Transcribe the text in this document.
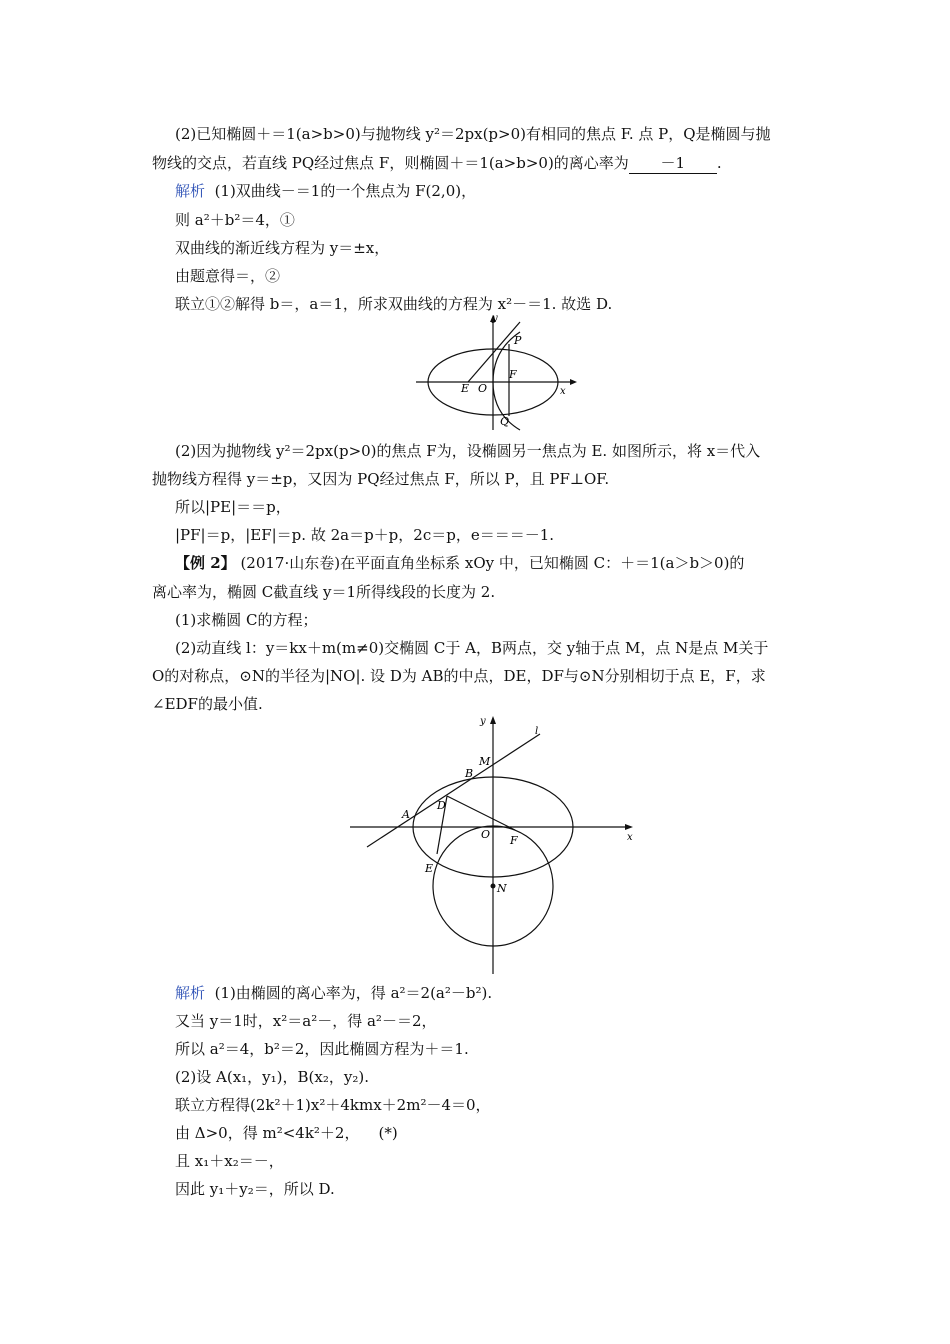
(2)已知椭圆＋＝1(a>b>0)与抛物线 y²＝2px(p>0)有相同的焦点 F. 点 P，Q是椭圆与抛
物线的交点，若直线 PQ经过焦点 F，则椭圆＋＝1(a>b>0)的离心率为 －1 .
解析 (1)双曲线－＝1的一个焦点为 F(2,0)，
则 a²＋b²＝4，①
双曲线的渐近线方程为 y＝±x，
由题意得＝，②
联立①②解得 b＝，a＝1，所求双曲线的方程为 x²－＝1. 故选 D.
y
x
P
E O
F
Q
(2)因为抛物线 y²＝2px(p>0)的焦点 F为，设椭圆另一焦点为 E. 如图所示，将 x＝代入
抛物线方程得 y＝±p，又因为 PQ经过焦点 F，所以 P，且 PF⊥OF.
所以|PE|＝＝p，
|PF|＝p，|EF|＝p. 故 2a＝p＋p，2c＝p，e＝＝＝－1.
【例 2】 (2017·山东卷)在平面直角坐标系 xOy 中，已知椭圆 C：＋＝1(a＞b＞0)的
离心率为，椭圆 C截直线 y＝1所得线段的长度为 2.
(1)求椭圆 C的方程；
(2)动直线 l：y＝kx＋m(m≠0)交椭圆 C于 A，B两点，交 y轴于点 M，点 N是点 M关于
O的对称点，⊙N的半径为|NO|. 设 D为 AB的中点，DE，DF与⊙N分别相切于点 E，F，求
∠EDF的最小值.
y
l
M
B
A
D
O F	x
E
N
解析 (1)由椭圆的离心率为，得 a²＝2(a²－b²).
又当 y＝1时，x²＝a²－，得 a²－＝2，
所以 a²＝4，b²＝2，因此椭圆方程为＋＝1.
(2)设 A(x₁，y₁)，B(x₂，y₂).
联立方程得(2k²＋1)x²＋4kmx＋2m²－4＝0，
由 Δ>0，得 m²<4k²＋2，    (*)
且 x₁＋x₂＝－，
因此 y₁＋y₂＝，所以 D.
